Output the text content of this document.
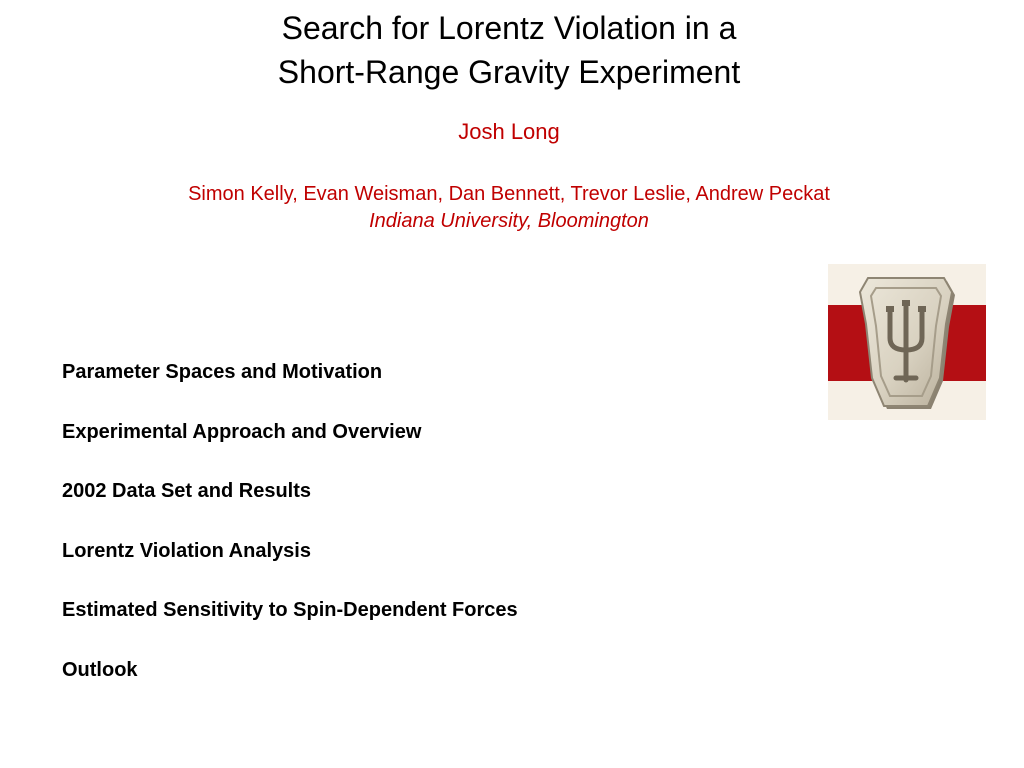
Search for Lorentz Violation in a
Short-Range Gravity Experiment
Josh Long
Simon Kelly, Evan Weisman, Dan Bennett, Trevor Leslie, Andrew Peckat
Indiana University, Bloomington
Parameter Spaces and Motivation
Experimental Approach and Overview
2002 Data Set and Results
Lorentz Violation Analysis
Estimated Sensitivity to Spin-Dependent Forces
Outlook
